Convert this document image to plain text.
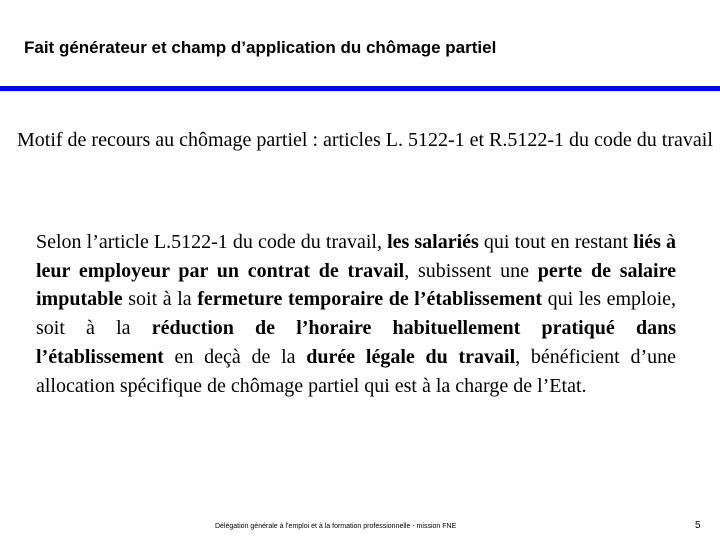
Fait générateur et champ d’application du chômage partiel

Motif de recours au chômage partiel : articles L. 5122-1 et R.5122-1 du code du travail

Selon l’article L.5122-1 du code du travail, les salariés qui tout en restant liés à leur employeur par un contrat de travail, subissent une perte de salaire imputable soit à la fermeture temporaire de l’établissement qui les emploie, soit à la réduction de l’horaire habituellement pratiqué dans l’établissement en deçà de la durée légale du travail, bénéficient d’une allocation spécifique de chômage partiel qui est à la charge de l’Etat.

Délégation générale à l’emploi et à la formation professionnelle - mission FNE	5
